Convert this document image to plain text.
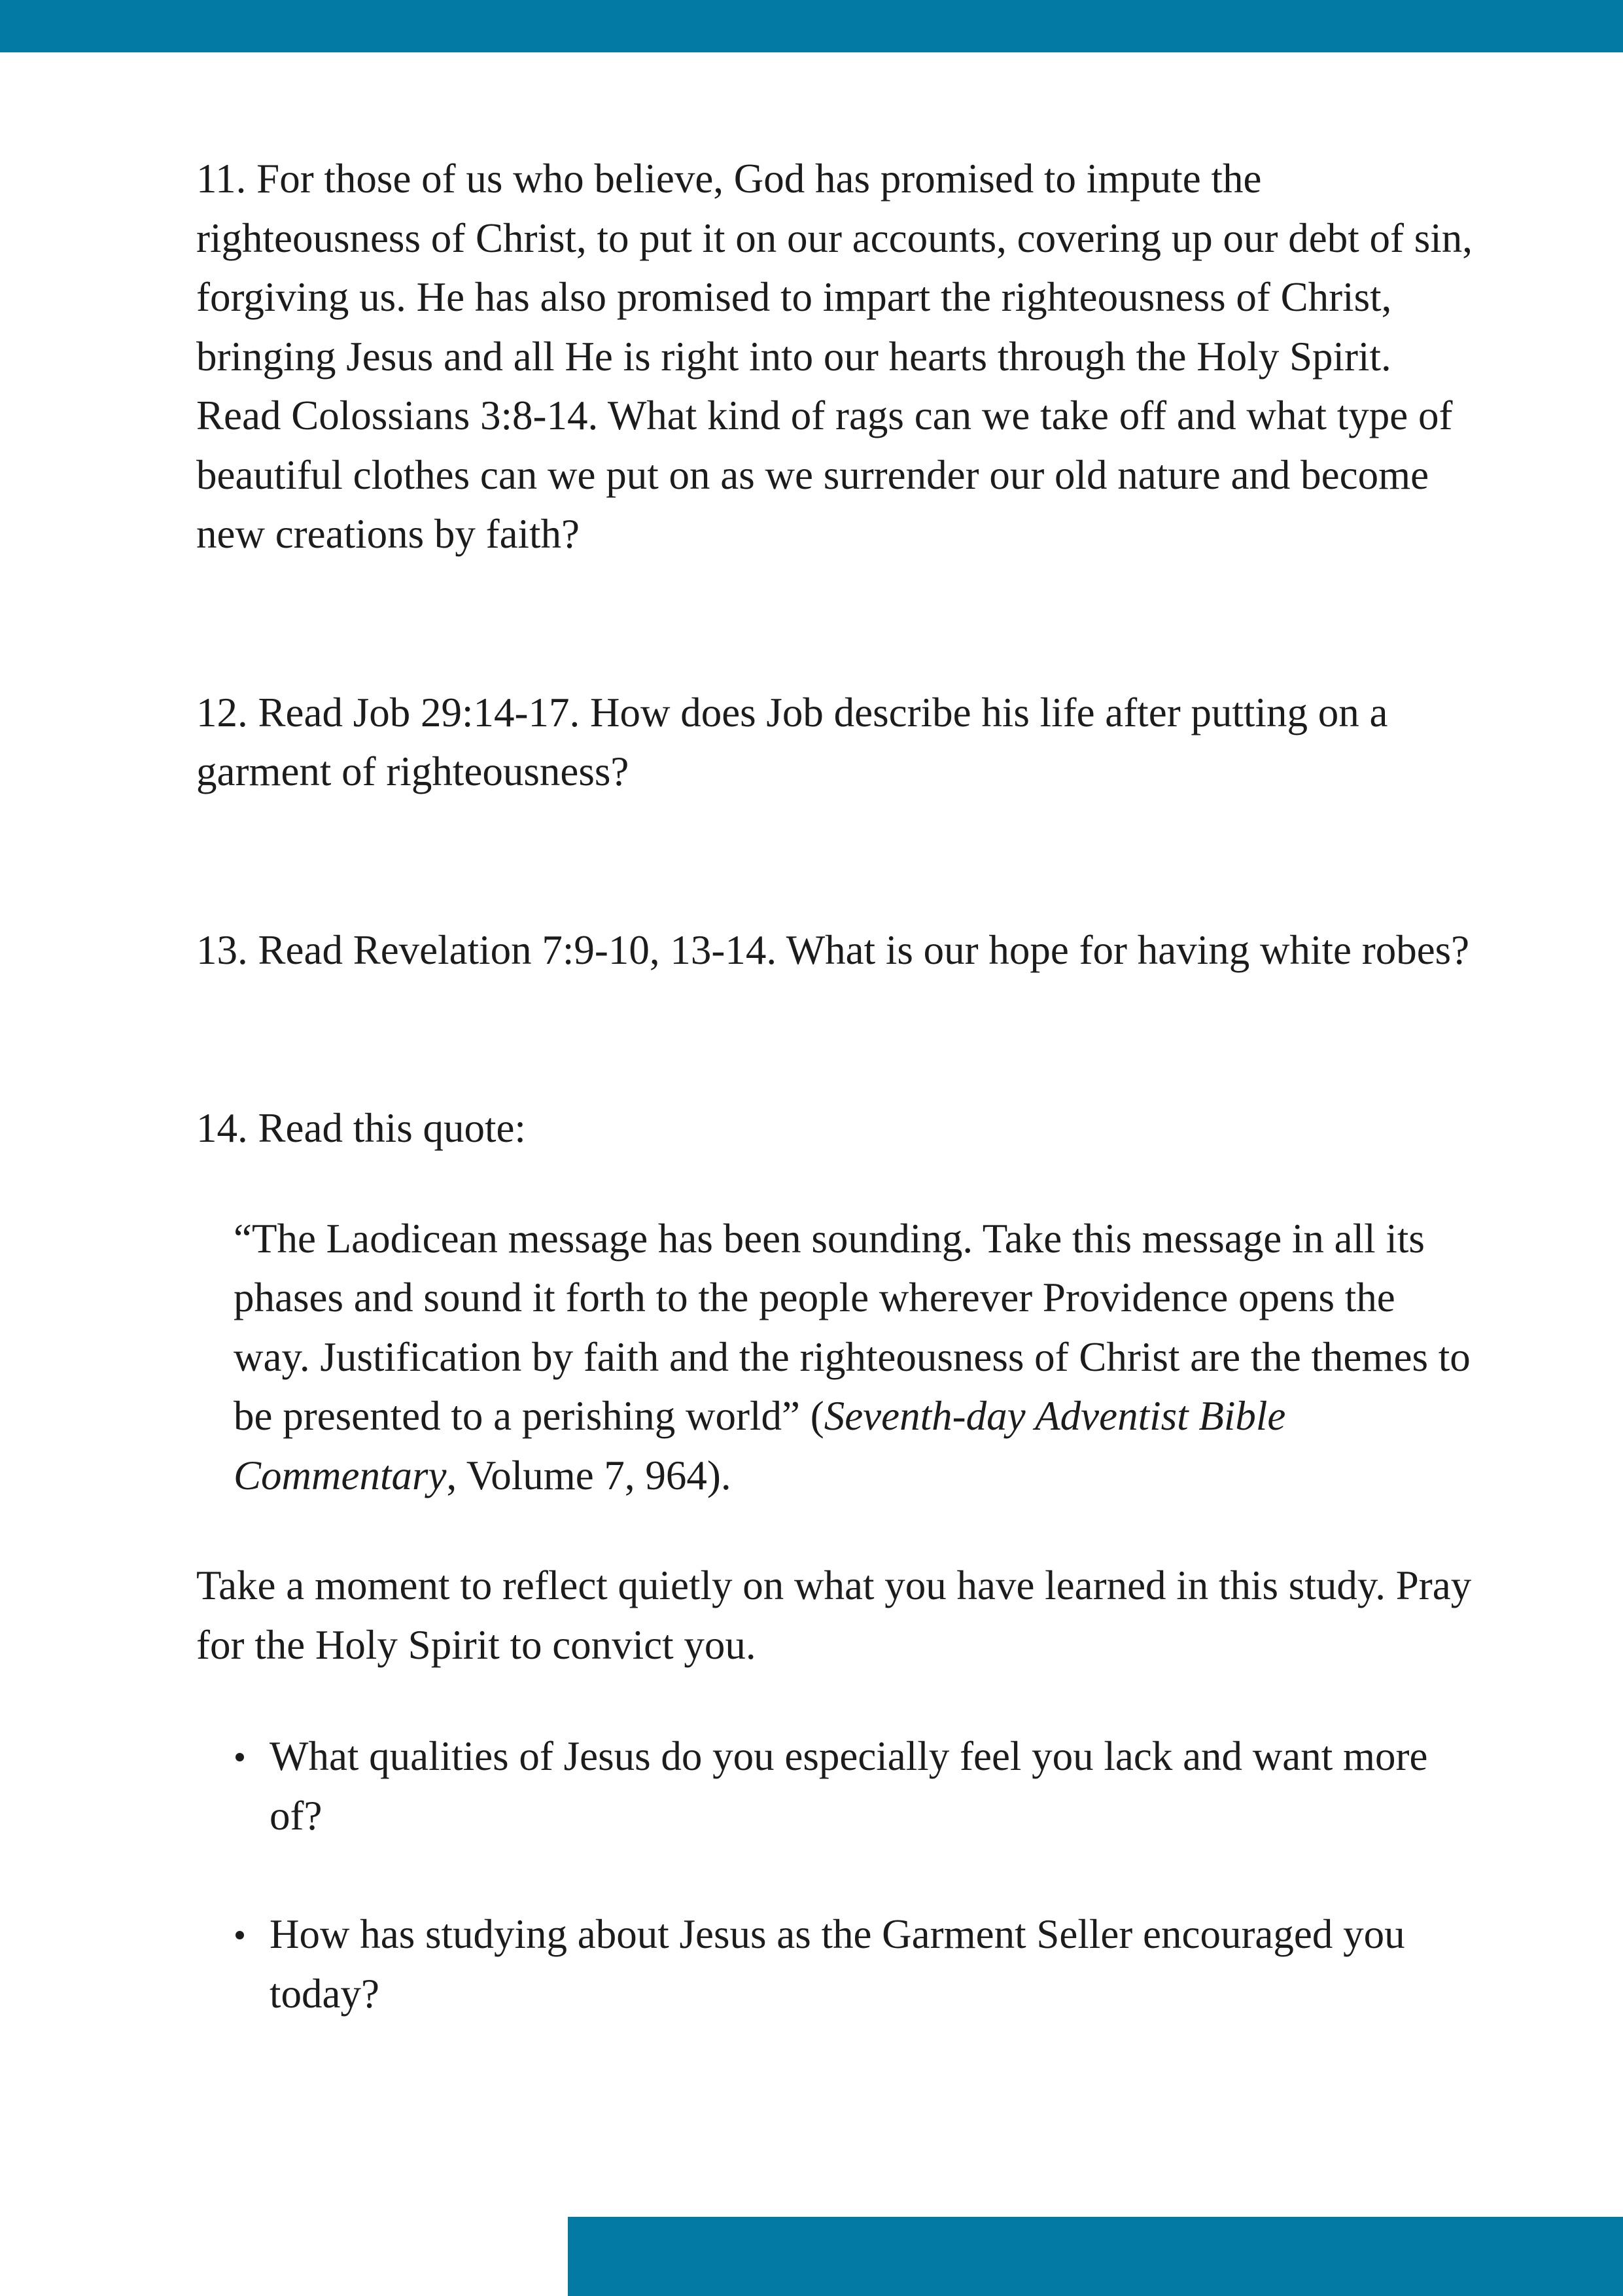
11. For those of us who believe, God has promised to impute the righteousness of Christ, to put it on our accounts, covering up our debt of sin, forgiving us. He has also promised to impart the righteousness of Christ, bringing Jesus and all He is right into our hearts through the Holy Spirit. Read Colossians 3:8-14. What kind of rags can we take off and what type of beautiful clothes can we put on as we surrender our old nature and become new creations by faith?

12. Read Job 29:14-17. How does Job describe his life after putting on a garment of righteousness?

13. Read Revelation 7:9-10, 13-14. What is our hope for having white robes?

14. Read this quote:

“The Laodicean message has been sounding. Take this message in all its phases and sound it forth to the people wherever Providence opens the way. Justification by faith and the righteousness of Christ are the themes to be presented to a perishing world” (Seventh-day Adventist Bible Commentary, Volume 7, 964).

Take a moment to reflect quietly on what you have learned in this study. Pray for the Holy Spirit to convict you.

What qualities of Jesus do you especially feel you lack and want more of?
How has studying about Jesus as the Garment Seller encouraged you today?
